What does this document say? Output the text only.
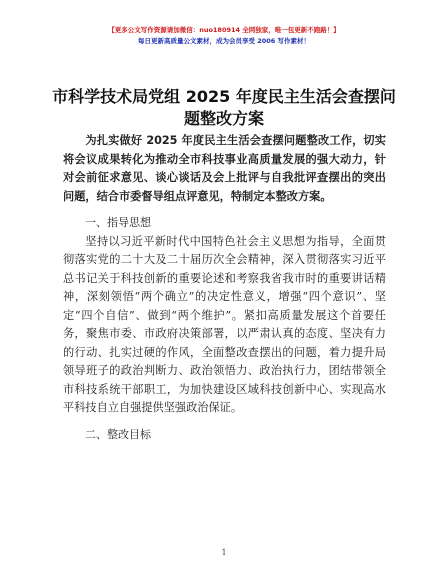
【更多公文写作资源请加微信：nuo180914 全网独家，唯一包更新不跑路！】
每日更新高质量公文素材，成为会员享受 2006 写作素材！
市科学技术局党组 2025 年度民主生活会查摆问
题整改方案

为扎实做好 2025 年度民主生活会查摆问题整改工作，切实将会议成果转化为推动全市科技事业高质量发展的强大动力，针对会前征求意见、谈心谈话及会上批评与自我批评查摆出的突出问题，结合市委督导组点评意见，特制定本整改方案。

一、指导思想

坚持以习近平新时代中国特色社会主义思想为指导，全面贯彻落实党的二十大及二十届历次全会精神，深入贯彻落实习近平总书记关于科技创新的重要论述和考察我省我市时的重要讲话精神，深刻领悟“两个确立”的决定性意义，增强“四个意识”、坚定“四个自信”、做到“两个维护”。紧扣高质量发展这个首要任务，聚焦市委、市政府决策部署，以严肃认真的态度、坚决有力的行动、扎实过硬的作风，全面整改查摆出的问题，着力提升局领导班子的政治判断力、政治领悟力、政治执行力，团结带领全市科技系统干部职工，为加快建设区域科技创新中心、实现高水平科技自立自强提供坚强政治保证。

二、整改目标
1
